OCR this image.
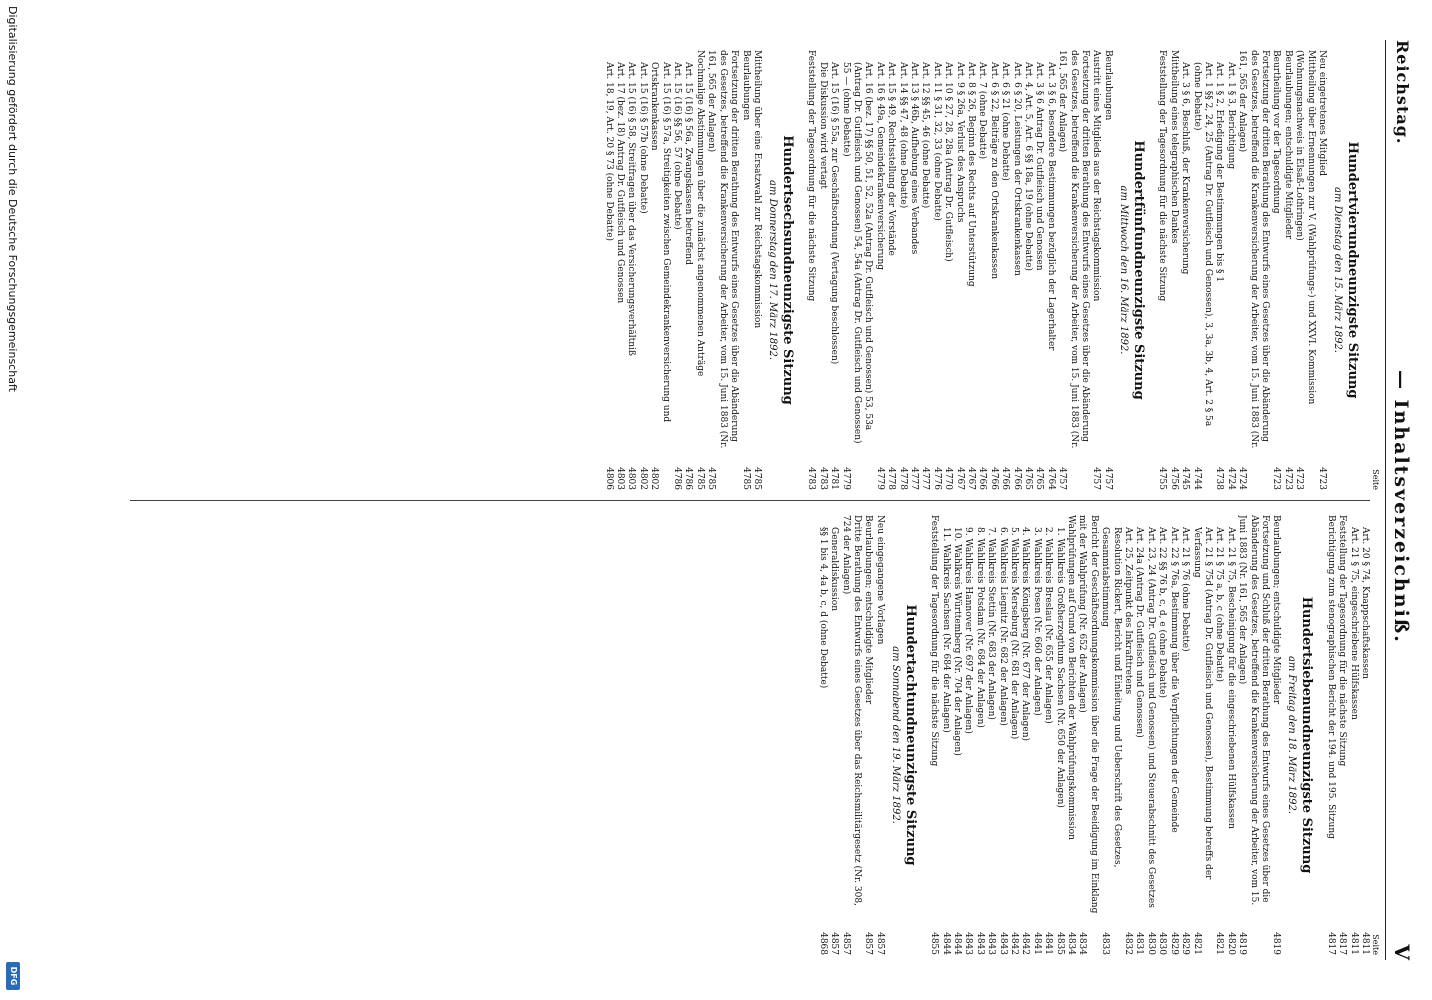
Reichstag.
— Inhaltsverzeichniß.
V
Seite
Hundertvierundneunzigste Sitzung
am Dienstag den 15. März 1892.
Neu eingetretenes Mitglied
4723
Mittheilung über Ernennungen zur V. (Wahlprüfungs-) und XXVI. Kommission (Wohnungsnachweis in Elsaß-Lothringen)
4723
Beurlaubungen; entschuldigte Mitglieder
4723
Beurtheilung vor der Tagesordnung
4723
Fortsetzung der dritten Berathung des Entwurfs eines Gesetzes über die Abänderung des Gesetzes, betreffend die Krankenversicherung der Arbeiter, vom 15. Juni 1883 (Nr. 161, 565 der Anlagen)
4724
Art. 1 § 3, Berichtigung
4724
Art. 1 § 2, Erledigung der Bestimmungen bis § 1
4738
Art. 1 §§ 2, 24, 25 (Antrag Dr. Gutfleisch und Genossen), 3, 3a, 3b, 4, Art. 2 § 5a (ohne Debatte)
4744
Art. 3 § 6, Beschluß, der Krankenversicherung
4745
Mittheilung eines telegraphischen Dankes
4756
Feststellung der Tagesordnung für die nächste Sitzung
4755
Hundertfünfundneunzigste Sitzung
am Mittwoch den 16. März 1892.
Beurlaubungen
4757
Austritt eines Mitglieds aus der Reichstagskommission
4757
Fortsetzung der dritten Berathung des Entwurfs eines Gesetzes über die Abänderung des Gesetzes, betreffend die Krankenversicherung der Arbeiter, vom 15. Juni 1883 (Nr. 161, 565 der Anlagen)
4757
Art. 3 § 6, besondere Bestimmungen bezüglich der Lagerhalter
4764
Art. 3 § 6 Antrag Dr. Gutfleisch und Genossen
4765
Art. 4, Art. 5, Art. 6 §§ 18a, 19 (ohne Debatte)
4765
Art. 6 § 20, Leistungen der Ortskrankenkassen
4766
Art. 6 § 21 (ohne Debatte)
4766
Art. 6 § 22, Beiträge zu den Ortskrankenkassen
4766
Art. 7 (ohne Debatte)
4766
Art. 8 § 26, Beginn des Rechts auf Unterstützung
4767
Art. 9 § 26a, Verlust des Anspruchs
4767
Art. 10 § 27, 28, 28a (Antrag Dr. Gutfleisch)
4770
Art. 11 § 31, 32, 33 (ohne Debatte)
4776
Art. 12 §§ 45, 46 (ohne Debatte)
4777
Art. 13 § 46b, Aufhebung eines Verbandes
4777
Art. 14 §§ 47, 48 (ohne Debatte)
4778
Art. 15 § 49, Rechtsstellung der Vorstände
4778
Art. 16 § 49a, Gemeindekrankenversicherung
4779
Art. 16 (bez. 17) §§ 50, 51, 52, 52a (Antrag Dr. Gutfleisch und Genossen) 53, 53a (Antrag Dr. Gutfleisch und Genossen) 54, 54a (Antrag Dr. Gutfleisch und Genossen) 55 — (ohne Debatte)
4779
Art. 15 (16) § 55a, zur Geschäftsordnung (Vertagung beschlossen)
4781
Die Diskussion wird vertagt
4783
Feststellung der Tagesordnung für die nächste Sitzung
4783
Hundertsechsundneunzigste Sitzung
am Donnerstag den 17. März 1892.
Mittheilung über eine Ersatzwahl zur Reichstagskommission
4785
Beurlaubungen
4785
Fortsetzung der dritten Berathung des Entwurfs eines Gesetzes über die Abänderung des Gesetzes, betreffend die Krankenversicherung der Arbeiter, vom 15. Juni 1883 (Nr. 161, 565 der Anlagen)
4785
Nochmalige Abstimmungen über die zunächst angenommenen Anträge
4785
Art. 15 (16) § 56a, Zwangskassen betreffend
4786
Art. 15 (16) §§ 56, 57 (ohne Debatte)
4786
Art. 15 (16) § 57a, Streitigkeiten zwischen Gemeindekrankenversicherung und Ortskrankenkassen
4802
Art. 15 (16) § 57b (ohne Debatte)
4802
Art. 15 (16) § 58, Streitfragen über das Versicherungsverhältniß
4803
Art. 17 (bez. 18) Antrag Dr. Gutfleisch und Genossen
4803
Art. 18, 19, Art. 20 § 73 (ohne Debatte)
4806
Seite
Art. 20 § 74, Knappschaftskassen
4811
Art. 21 § 75, eingeschriebene Hülfskassen
4811
Feststellung der Tagesordnung für die nächste Sitzung
4817
Berichtigung zum stenographischen Bericht der 194. und 195. Sitzung
4817
Hundertsiebenundneunzigste Sitzung
am Freitag den 18. März 1892.
Beurlaubungen; entschuldigte Mitglieder
4819
Fortsetzung und Schluß der dritten Berathung des Entwurfs eines Gesetzes über die Abänderung des Gesetzes, betreffend die Krankenversicherung der Arbeiter, vom 15. Juni 1883 (Nr. 161, 565 der Anlagen)
4819
Art. 21 § 75, Bescheinigung für die eingeschriebenen Hülfskassen
4820
Art. 21 § 75 a, b, c (ohne Debatte)
4821
Art. 21 § 75d (Antrag Dr. Gutfleisch und Genossen), Bestimmung betreffs der Verfassung
4821
Art. 21 § 76 (ohne Debatte)
4829
Art. 22 § 76a, Bestimmung über die Verpflichtungen der Gemeinde
4829
Art. 22 §§ 76 b, c, d, e (ohne Debatte)
4830
Art. 23, 24 (Antrag Dr. Gutfleisch und Genossen) und Steuerabschnitt des Gesetzes
4830
Art. 24a (Antrag Dr. Gutfleisch und Genossen)
4831
Art. 25, Zeitpunkt des Inkrafttretens
4832
Resolution Rickert, Bericht und Einleitung und Ueberschrift des Gesetzes, Gesammtabstimmung
4833
Bericht der Geschäftsordnungskommission über die Frage der Beeidigung im Einklang mit der Wahlprüfung (Nr. 652 der Anlagen)
4834
Wahlprüfungen auf Grund von Berichten der Wahlprüfungskommission
4834
1. Wahlkreis Großherzogthum Sachsen (Nr. 650 der Anlagen)
4835
2. Wahlkreis Breslau (Nr. 655 der Anlagen)
4841
3. Wahlkreis Posen (Nr. 660 der Anlagen)
4841
4. Wahlkreis Königsberg (Nr. 677 der Anlagen)
4842
5. Wahlkreis Merseburg (Nr. 681 der Anlagen)
4842
6. Wahlkreis Liegnitz (Nr. 682 der Anlagen)
4843
7. Wahlkreis Stettin (Nr. 683 der Anlagen)
4843
8. Wahlkreis Potsdam (Nr. 684 der Anlagen)
4843
9. Wahlkreis Hannover (Nr. 697 der Anlagen)
4843
10. Wahlkreis Württemberg (Nr. 704 der Anlagen)
4844
11. Wahlkreis Sachsen (Nr. 684 der Anlagen)
4844
Feststellung der Tagesordnung für die nächste Sitzung
4855
Hundertachtundneunzigste Sitzung
am Sonnabend den 19. März 1892.
Neu eingegangene Vorlagen
4857
Beurlaubungen; entschuldigte Mitglieder
4857
Dritte Berathung des Entwurfs eines Gesetzes über das Reichsmilitärgesetz (Nr. 308, 724 der Anlagen)
4857
Generaldiskussion
4857
§§ 1 bis 4, 4a b, c, d (ohne Debatte)
4868
Digitalisierung gefördert durch die Deutsche Forschungsgemeinschaft
DFG
